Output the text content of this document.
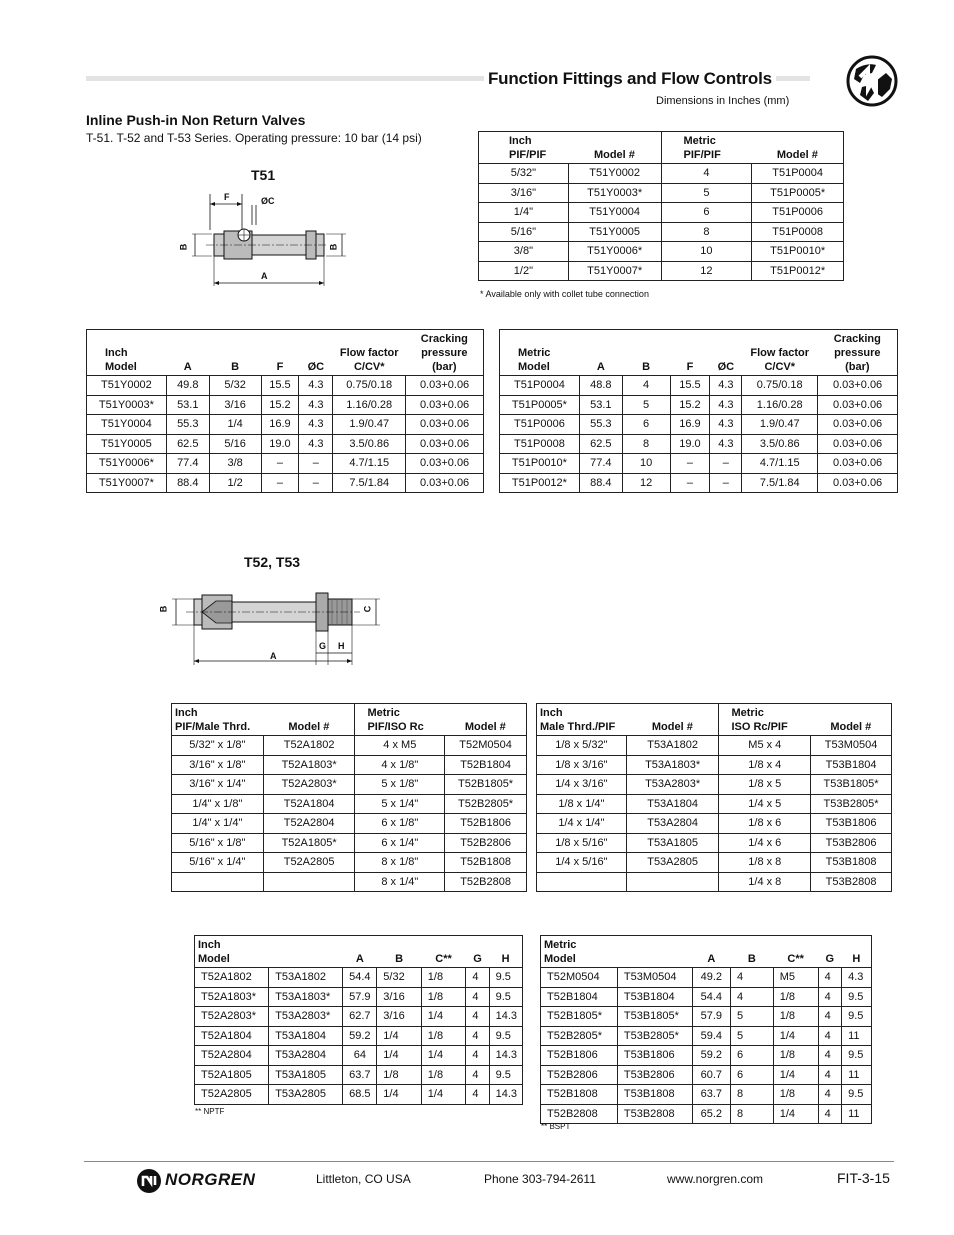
Function Fittings and Flow Controls
Dimensions in Inches (mm)
Inline Push-in Non Return Valves
T-51. T-52 and T-53 Series. Operating pressure: 10 bar (14 psi)
T51
F	ØC
B	B
A
Inch
PIF/PIF	Model #	Metric
PIF/PIF	Model #
5/32"	T51Y0002	4	T51P0004
3/16"	T51Y0003*	5	T51P0005*
1/4"	T51Y0004	6	T51P0006
5/16"	T51Y0005	8	T51P0008
3/8"	T51Y0006*	10	T51P0010*
1/2"	T51Y0007*	12	T51P0012*
* Available only with collet tube connection
Inch
Model	A	B	F	ØC	Flow factor
C/CV*	Cracking
pressure (bar)
T51Y0002	49.8	5/32	15.5	4.3	0.75/0.18	0.03+0.06
T51Y0003*	53.1	3/16	15.2	4.3	1.16/0.28	0.03+0.06
T51Y0004	55.3	1/4	16.9	4.3	1.9/0.47	0.03+0.06
T51Y0005	62.5	5/16	19.0	4.3	3.5/0.86	0.03+0.06
T51Y0006*	77.4	3/8	–	–	4.7/1.15	0.03+0.06
T51Y0007*	88.4	1/2	–	–	7.5/1.84	0.03+0.06
Metric
Model	A	B	F	ØC	Flow factor
C/CV*	Cracking
pressure (bar)
T51P0004	48.8	4	15.5	4.3	0.75/0.18	0.03+0.06
T51P0005*	53.1	5	15.2	4.3	1.16/0.28	0.03+0.06
T51P0006	55.3	6	16.9	4.3	1.9/0.47	0.03+0.06
T51P0008	62.5	8	19.0	4.3	3.5/0.86	0.03+0.06
T51P0010*	77.4	10	–	–	4.7/1.15	0.03+0.06
T51P0012*	88.4	12	–	–	7.5/1.84	0.03+0.06
T52, T53
B	C
A
G H
Inch
PIF/Male Thrd.	Model #	Metric
PIF/ISO Rc	Model #
5/32" x 1/8"	T52A1802	4 x M5	T52M0504
3/16" x 1/8"	T52A1803*	4 x 1/8"	T52B1804
3/16" x 1/4"	T52A2803*	5 x 1/8"	T52B1805*
1/4" x 1/8"	T52A1804	5 x 1/4"	T52B2805*
1/4" x 1/4"	T52A2804	6 x 1/8"	T52B1806
5/16" x 1/8"	T52A1805*	6 x 1/4"	T52B2806
5/16" x 1/4"	T52A2805	8 x 1/8"	T52B1808
		8 x 1/4"	T52B2808
Inch
Male Thrd./PIF	Model #	Metric
ISO Rc/PIF	Model #
1/8 x 5/32"	T53A1802	M5 x 4	T53M0504
1/8 x 3/16"	T53A1803*	1/8 x 4	T53B1804
1/4 x 3/16"	T53A2803*	1/8 x 5	T53B1805*
1/8 x 1/4"	T53A1804	1/4 x 5	T53B2805*
1/4 x 1/4"	T53A2804	1/8 x 6	T53B1806
1/8 x 5/16"	T53A1805	1/4 x 6	T53B2806
1/4 x 5/16"	T53A2805	1/8 x 8	T53B1808
		1/4 x 8	T53B2808
Inch
Model		A	B	C**	G	H
T52A1802	T53A1802	54.4	5/32	1/8	4	9.5
T52A1803*	T53A1803*	57.9	3/16	1/8	4	9.5
T52A2803*	T53A2803*	62.7	3/16	1/4	4	14.3
T52A1804	T53A1804	59.2	1/4	1/8	4	9.5
T52A2804	T53A2804	64	1/4	1/4	4	14.3
T52A1805	T53A1805	63.7	1/8	1/8	4	9.5
T52A2805	T53A2805	68.5	1/4	1/4	4	14.3
** NPTF
Metric
Model		A	B	C**	G	H
T52M0504	T53M0504	49.2	4	M5	4	4.3
T52B1804	T53B1804	54.4	4	1/8	4	9.5
T52B1805*	T53B1805*	57.9	5	1/8	4	9.5
T52B2805*	T53B2805*	59.4	5	1/4	4	11
T52B1806	T53B1806	59.2	6	1/8	4	9.5
T52B2806	T53B2806	60.7	6	1/4	4	11
T52B1808	T53B1808	63.7	8	1/8	4	9.5
T52B2808	T53B2808	65.2	8	1/4	4	11
** BSPT
NORGREN	Littleton, CO USA	Phone 303-794-2611	www.norgren.com	FIT-3-15
